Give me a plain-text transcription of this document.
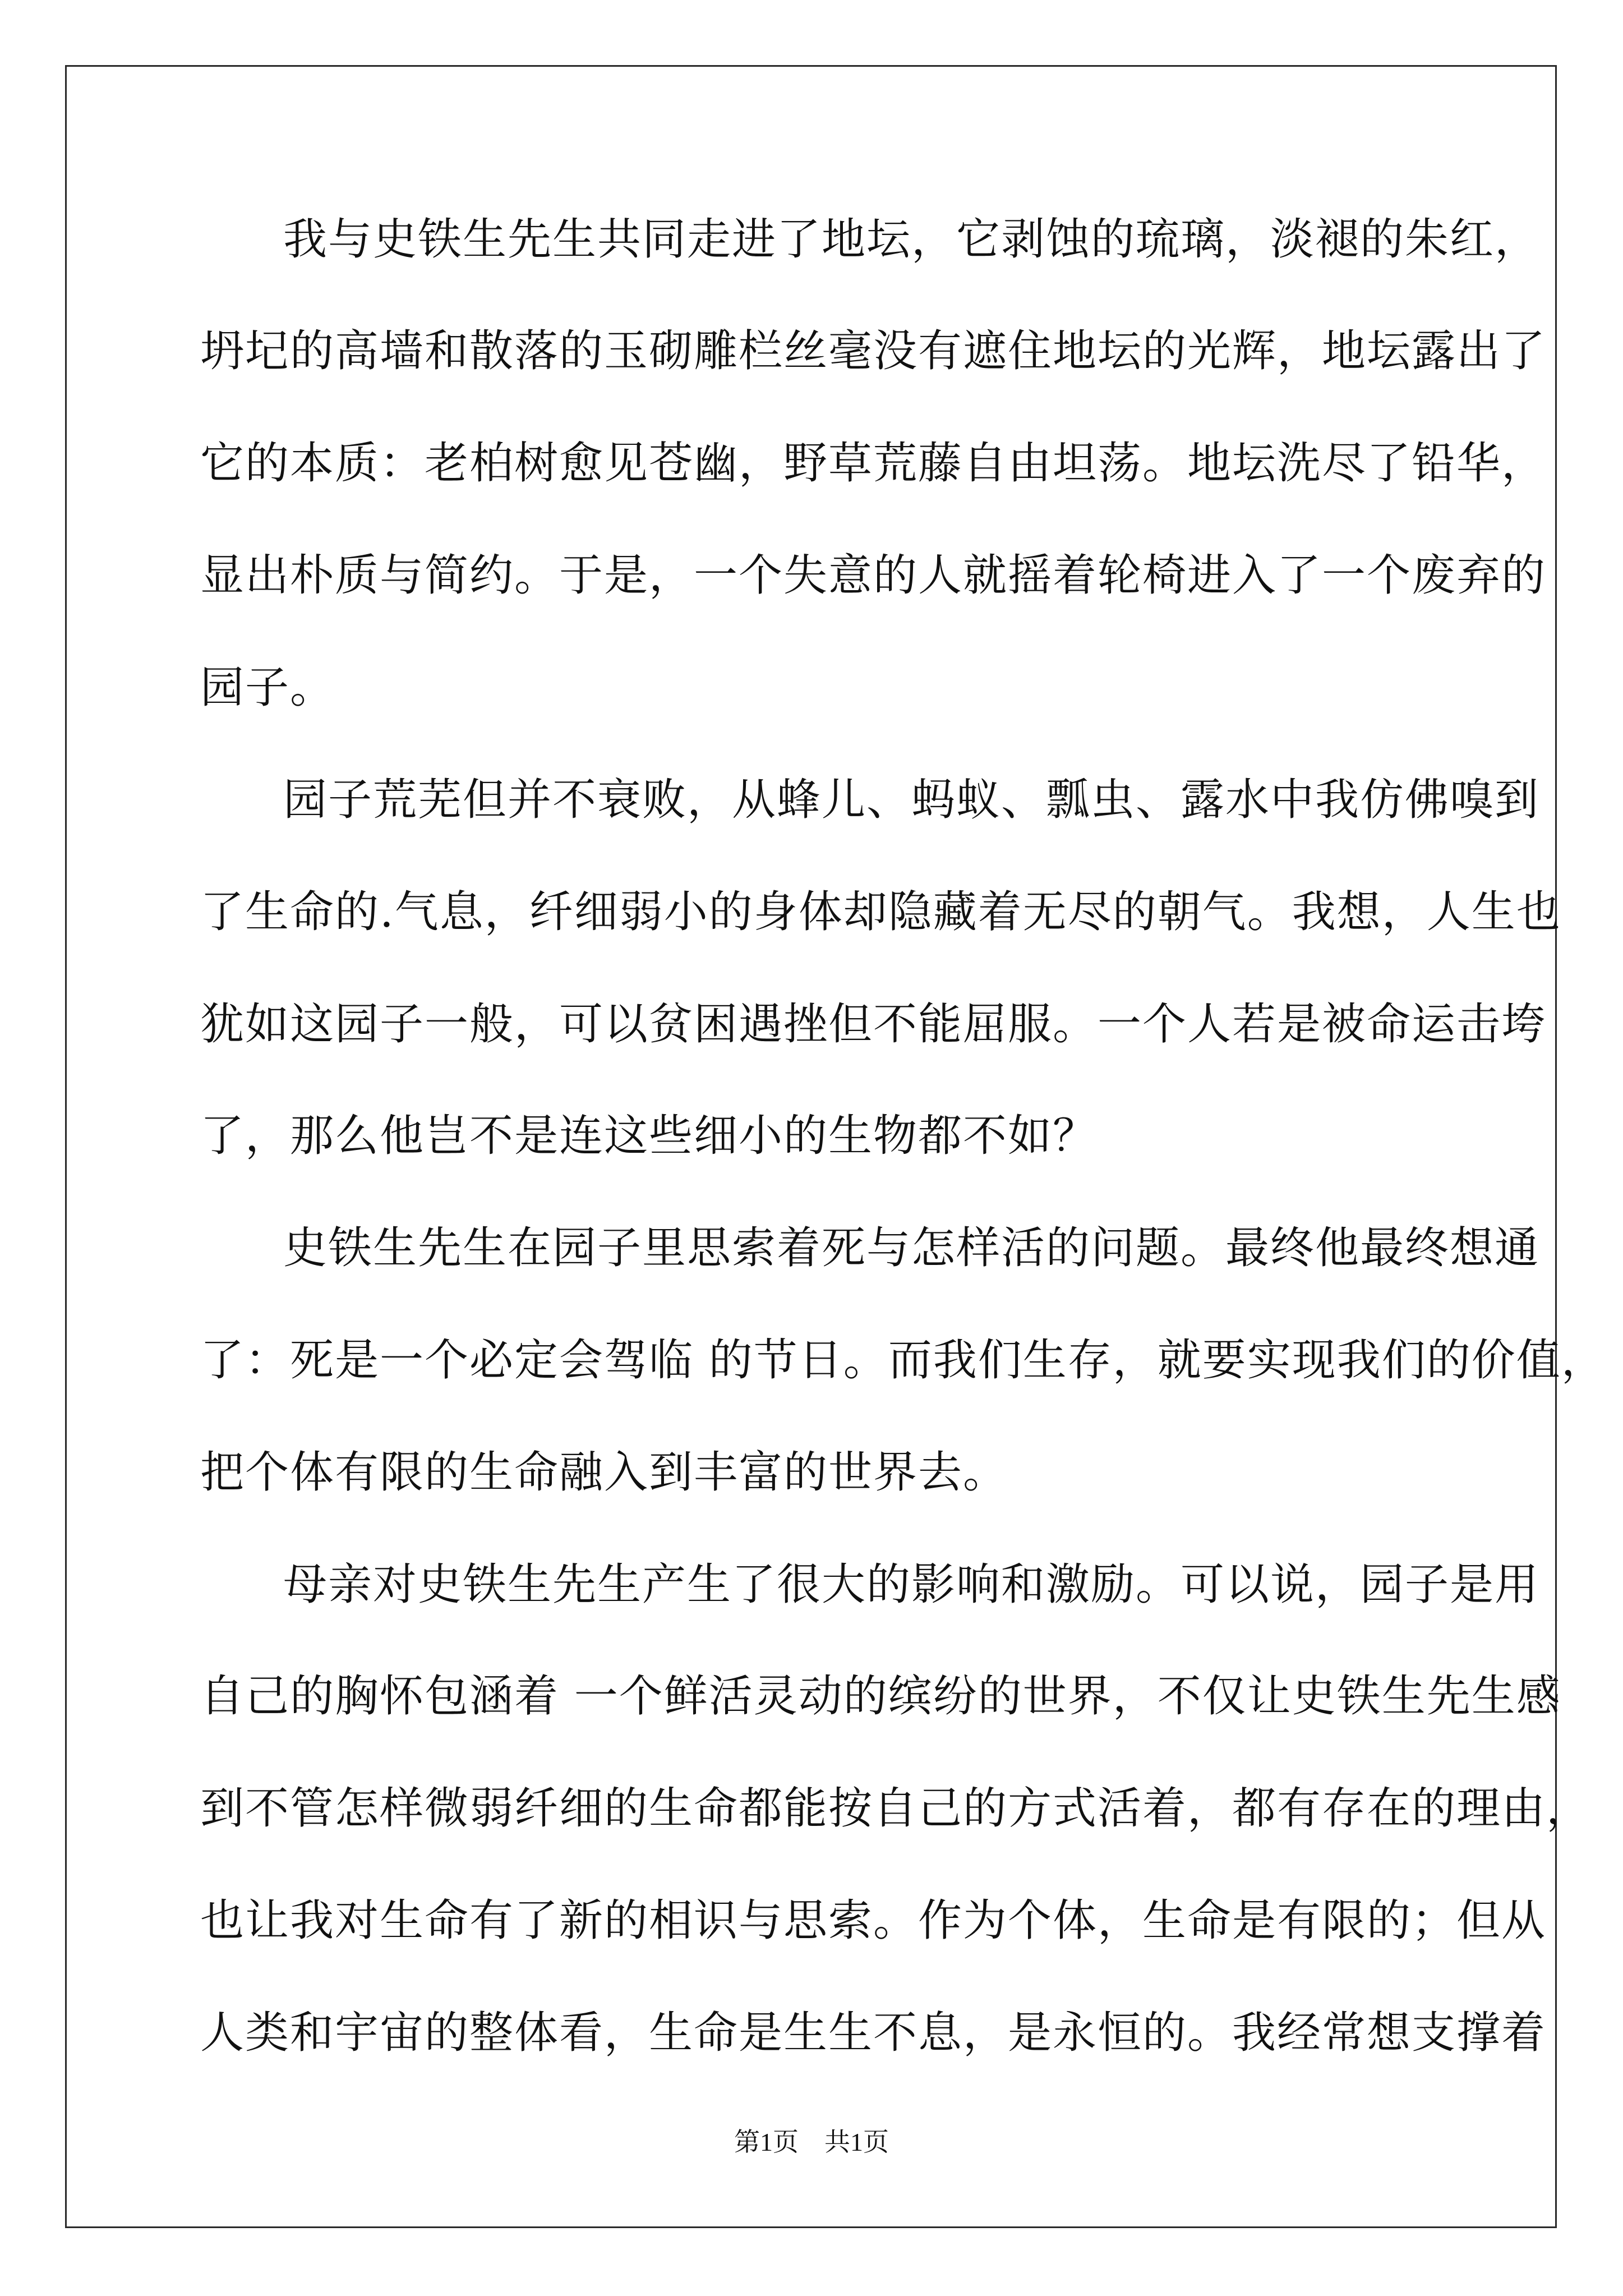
我与史铁生先生共同走进了地坛，它剥蚀的琉璃，淡褪的朱红，
坍圮的高墙和散落的玉砌雕栏丝毫没有遮住地坛的光辉，地坛露出了
它的本质：老柏树愈见苍幽，野草荒藤自由坦荡。地坛洗尽了铅华，
显出朴质与简约。于是，一个失意的人就摇着轮椅进入了一个废弃的
园子。
园子荒芜但并不衰败，从蜂儿、蚂蚁、瓢虫、露水中我仿佛嗅到
了生命的.气息，纤细弱小的身体却隐藏着无尽的朝气。我想，人生也
犹如这园子一般，可以贫困遇挫但不能屈服。一个人若是被命运击垮
了，那么他岂不是连这些细小的生物都不如？
史铁生先生在园子里思索着死与怎样活的问题。最终他最终想通
了：死是一个必定会驾临 的节日。而我们生存，就要实现我们的价值，
把个体有限的生命融入到丰富的世界去。
母亲对史铁生先生产生了很大的影响和激励。可以说，园子是用
自己的胸怀包涵着 一个鲜活灵动的缤纷的世界，不仅让史铁生先生感
到不管怎样微弱纤细的生命都能按自己的方式活着，都有存在的理由，
也让我对生命有了新的相识与思索。作为个体，生命是有限的；但从
人类和宇宙的整体看，生命是生生不息，是永恒的。我经常想支撑着
第1页　共1页
